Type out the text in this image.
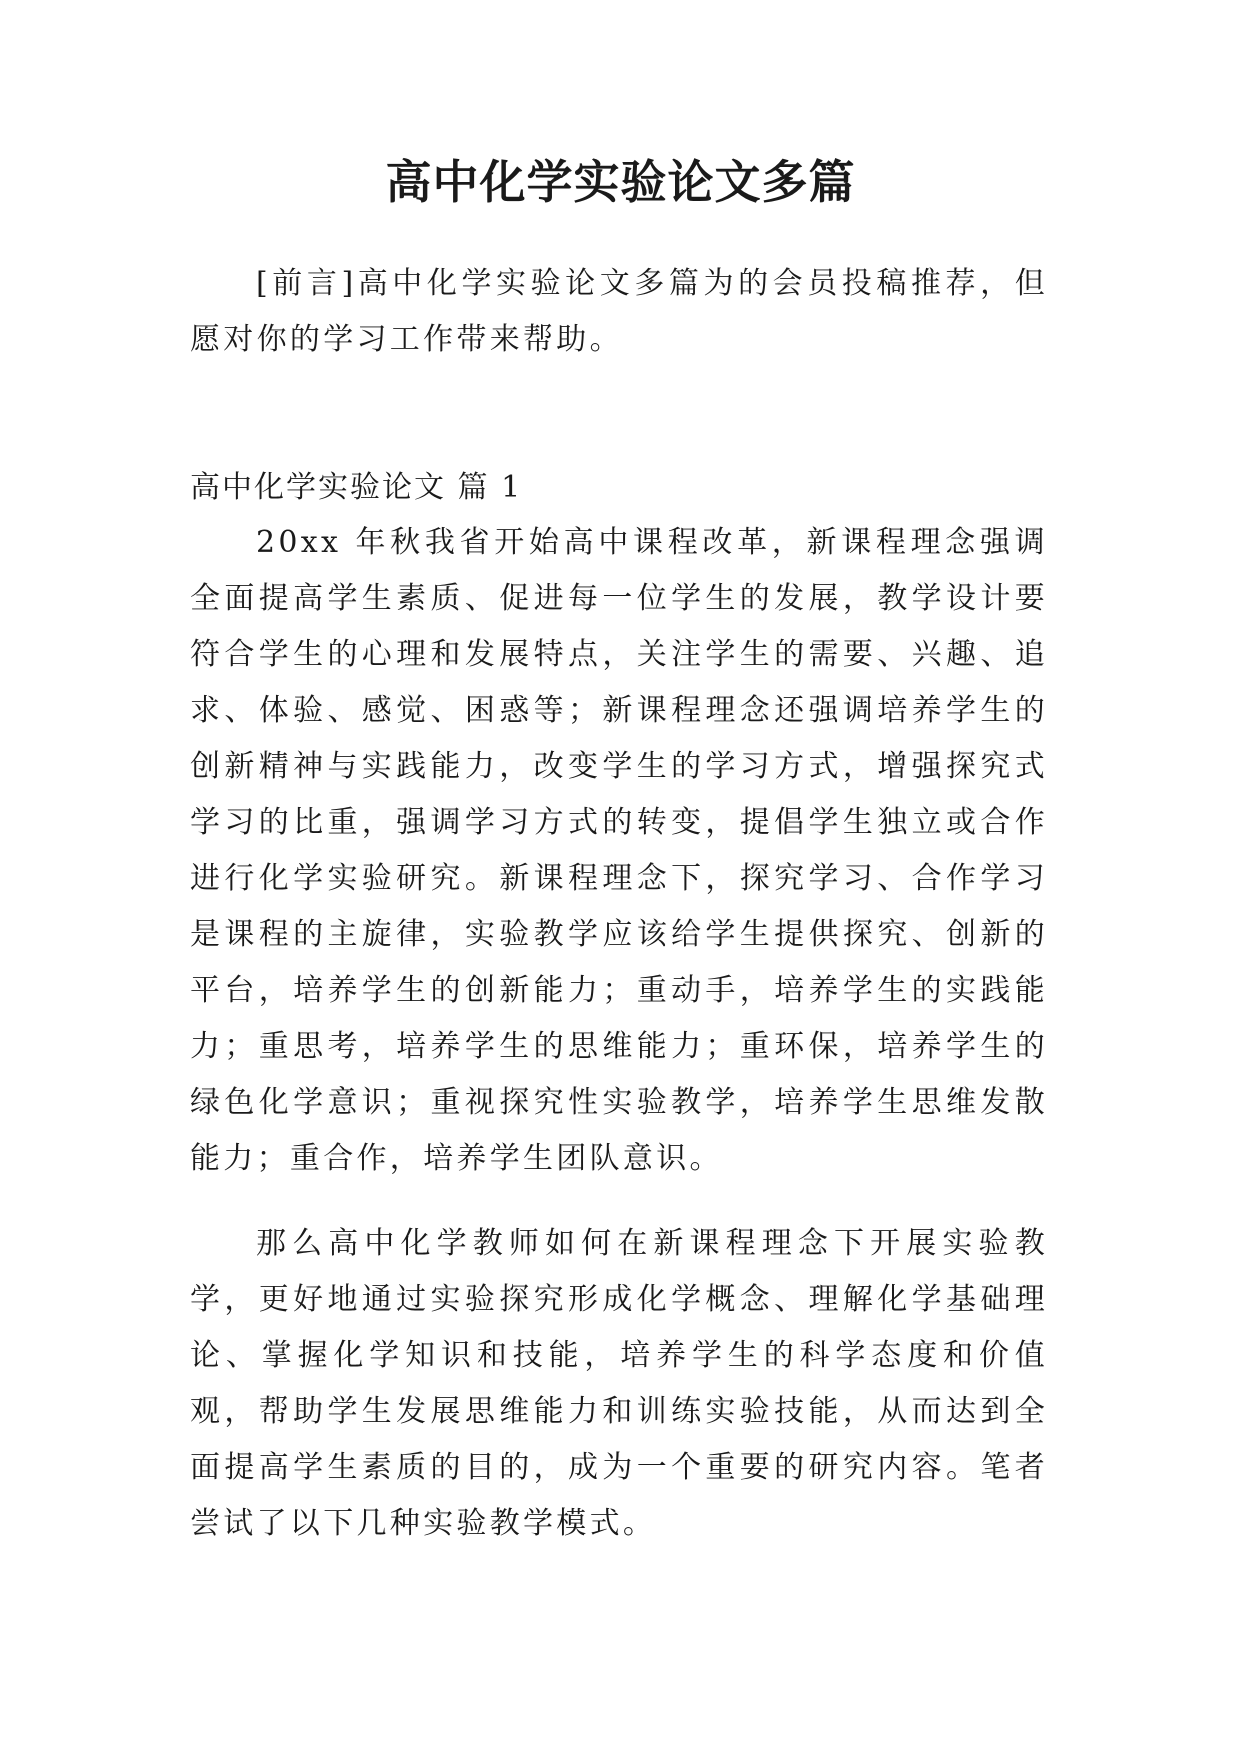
高中化学实验论文多篇

[前言]高中化学实验论文多篇为的会员投稿推荐，但愿对你的学习工作带来帮助。

高中化学实验论文 篇 1

20xx 年秋我省开始高中课程改革，新课程理念强调全面提高学生素质、促进每一位学生的发展，教学设计要符合学生的心理和发展特点，关注学生的需要、兴趣、追求、体验、感觉、困惑等；新课程理念还强调培养学生的创新精神与实践能力，改变学生的学习方式，增强探究式学习的比重，强调学习方式的转变，提倡学生独立或合作进行化学实验研究。新课程理念下，探究学习、合作学习是课程的主旋律，实验教学应该给学生提供探究、创新的平台，培养学生的创新能力；重动手，培养学生的实践能力；重思考，培养学生的思维能力；重环保，培养学生的绿色化学意识；重视探究性实验教学，培养学生思维发散能力；重合作，培养学生团队意识。

那么高中化学教师如何在新课程理念下开展实验教学，更好地通过实验探究形成化学概念、理解化学基础理论、掌握化学知识和技能，培养学生的科学态度和价值观，帮助学生发展思维能力和训练实验技能，从而达到全面提高学生素质的目的，成为一个重要的研究内容。笔者尝试了以下几种实验教学模式。
